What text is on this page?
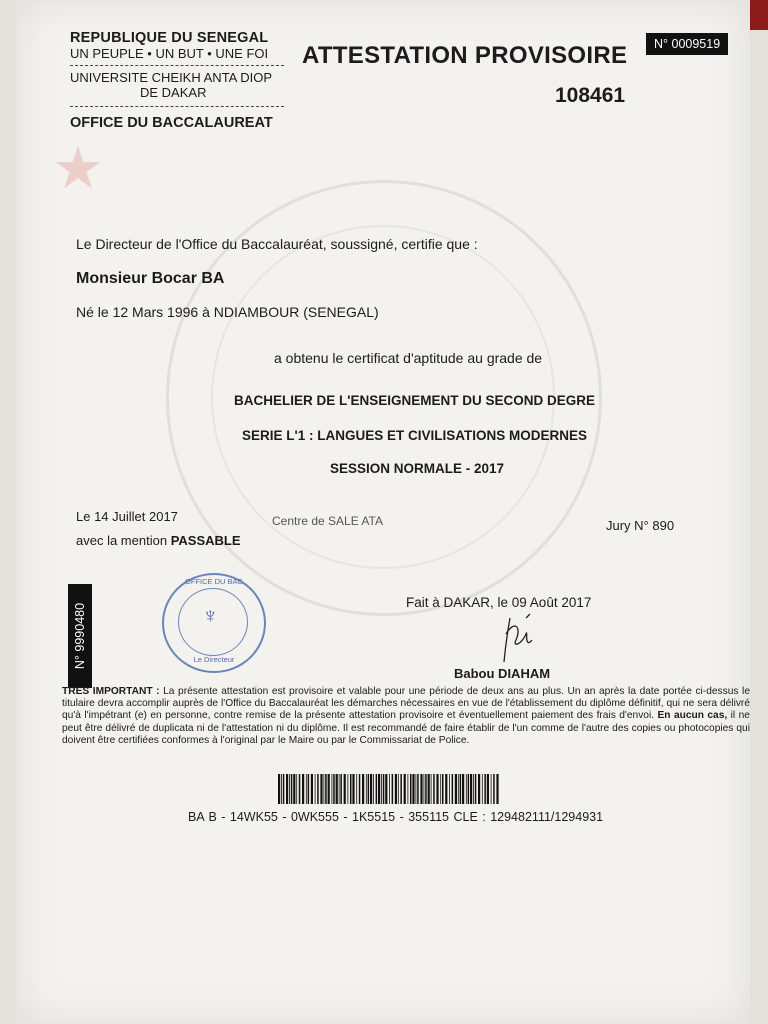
★
REPUBLIQUE DU SENEGAL
UN PEUPLE • UN BUT • UNE FOI
UNIVERSITE CHEIKH ANTA DIOP
DE DAKAR
OFFICE DU BACCALAUREAT
ATTESTATION PROVISOIRE	N° 0009519
108461
Le Directeur de l'Office du Baccalauréat, soussigné, certifie que :
Monsieur Bocar BA
Né le 12 Mars 1996 à NDIAMBOUR (SENEGAL)
a obtenu le certificat d'aptitude au grade de
BACHELIER DE L'ENSEIGNEMENT DU SECOND DEGRE
SERIE L'1 : LANGUES ET CIVILISATIONS MODERNES
SESSION NORMALE - 2017
Le 14 Juillet 2017	Centre de SALE ATA	Jury N° 890
avec la mention PASSABLE
N° 9990480
OFFICE DU BAC
♆
Le Directeur
Fait à DAKAR, le 09 Août 2017
Babou DIAHAM
TRES IMPORTANT : La présente attestation est provisoire et valable pour une période de deux ans au plus. Un an après la date portée ci-dessus le titulaire devra accomplir auprès de l'Office du Baccalauréat les démarches nécessaires en vue de l'établissement du diplôme définitif, qui ne sera délivré qu'à l'impétrant (e) en personne, contre remise de la présente attestation provisoire et éventuellement paiement des frais d'envoi. En aucun cas, il ne peut être délivré de duplicata ni de l'attestation ni du diplôme. Il est recommandé de faire établir de l'un comme de l'autre des copies ou photocopies qui doivent être certifiées conformes à l'original par le Maire ou par le Commissariat de Police.
BA B - 14WK55 - 0WK555 - 1K5515 - 355115 CLE : 129482111/1294931
